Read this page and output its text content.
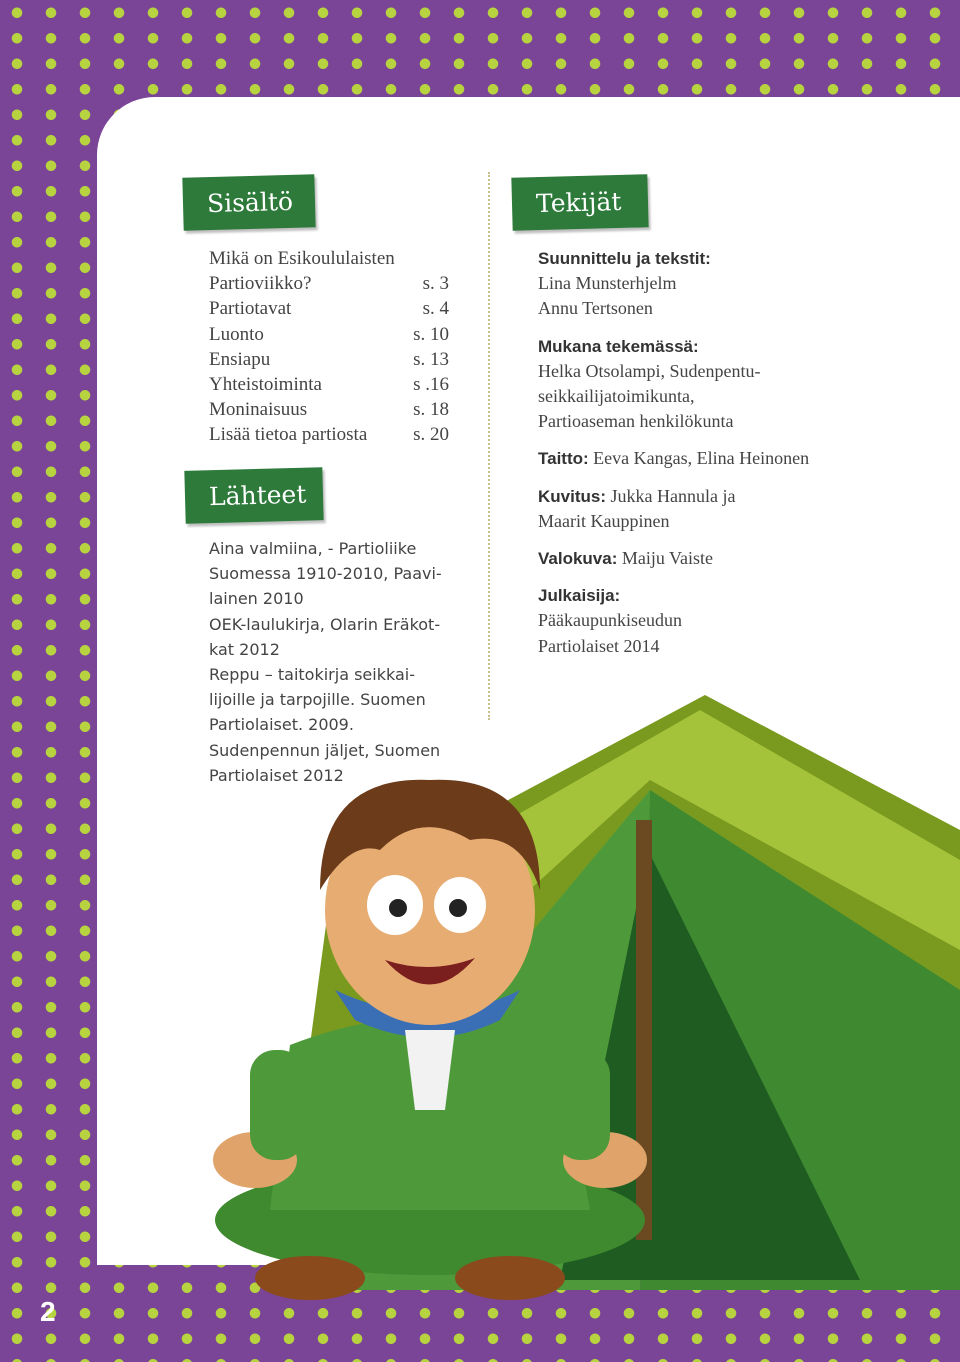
Sisältö
Mikä on Esikoululaisten
Partioviikko?	s. 3
Partiotavat	s. 4
Luonto	s. 10
Ensiapu	s. 13
Yhteistoiminta	s .16
Moninaisuus	s. 18
Lisää tietoa partiosta s. 20
Lähteet
Aina valmiina, - Partioliike
Suomessa 1910-2010, Paavi-
lainen 2010
OEK-laulukirja, Olarin Eräkot-
kat 2012
Reppu – taitokirja seikkai-
lijoille ja tarpojille. Suomen
Partiolaiset. 2009.
Sudenpennun jäljet, Suomen
Partiolaiset 2012
Tekijät
Suunnittelu ja tekstit:
Lina Munsterhjelm
Annu Tertsonen
Mukana tekemässä:
Helka Otsolampi, Sudenpentu-
seikkailijatoimikunta,
Partioaseman henkilökunta
Taitto: Eeva Kangas, Elina Heinonen
Kuvitus: Jukka Hannula ja
Maarit Kauppinen
Valokuva: Maiju Vaiste
Julkaisija:
Pääkaupunkiseudun
Partiolaiset 2014
2
